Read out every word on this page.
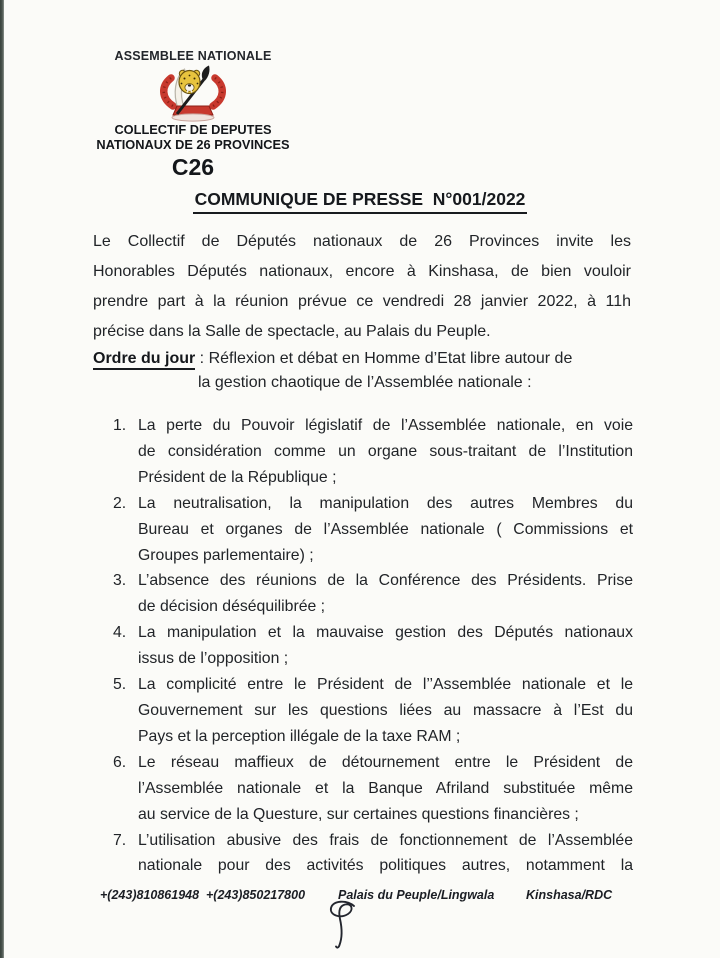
ASSEMBLEE NATIONALE
COLLECTIF DE DEPUTES
NATIONAUX DE 26 PROVINCES
C26
COMMUNIQUE DE PRESSE  N°001/2022
Le Collectif de Députés nationaux de 26 Provinces invite les
Honorables Députés nationaux, encore à Kinshasa, de bien vouloir
prendre part à la réunion prévue ce vendredi 28 janvier 2022, à 11h
précise dans la Salle de spectacle, au Palais du Peuple.
Ordre du jour : Réflexion et débat en Homme d’Etat libre autour de
la gestion chaotique de l’Assemblée nationale :
1. La perte du Pouvoir législatif de l’Assemblée nationale, en voie
de considération comme un organe sous-traitant de l’Institution
Président de la République ;
2. La neutralisation, la manipulation des autres Membres du
Bureau et organes de l’Assemblée nationale ( Commissions et
Groupes parlementaire) ;
3. L’absence des réunions de la Conférence des Présidents. Prise
de décision déséquilibrée ;
4. La manipulation et la mauvaise gestion des Députés nationaux
issus de l’opposition ;
5. La complicité entre le Président de l’’Assemblée nationale et le
Gouvernement sur les questions liées au massacre à l’Est du
Pays et la perception illégale de la taxe RAM ;
6. Le réseau maffieux de détournement entre le Président de
l’Assemblée nationale et la Banque Afriland substituée même
au service de la Questure, sur certaines questions financières ;
7. L’utilisation abusive des frais de fonctionnement de l’Assemblée
nationale pour des activités politiques autres, notamment la
+(243)810861948  +(243)850217800	Palais du Peuple/Lingwala	Kinshasa/RDC
